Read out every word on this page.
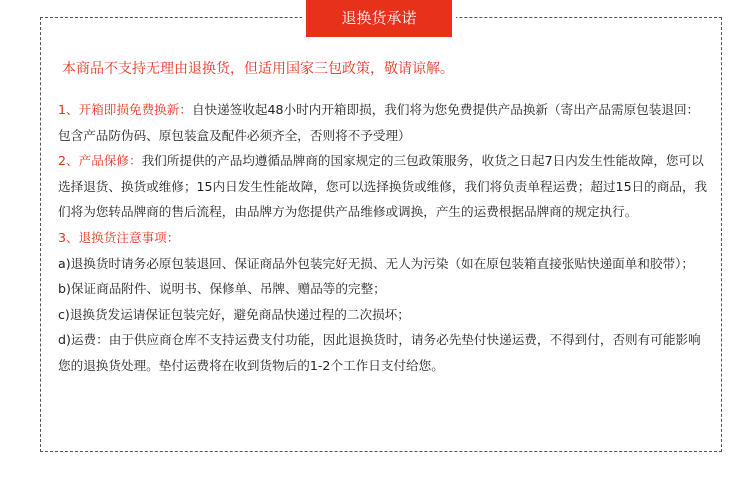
退换货承诺
本商品不支持无理由退换货，但适用国家三包政策，敬请谅解。

1、开箱即损免费换新：自快递签收起48小时内开箱即损，我们将为您免费提供产品换新（寄出产品需原包装退回：包含产品防伪码、原包装盒及配件必须齐全，否则将不予受理）

2、产品保修：我们所提供的产品均遵循品牌商的国家规定的三包政策服务，收货之日起7日内发生性能故障，您可以选择退货、换货或维修；15内日发生性能故障，您可以选择换货或维修，我们将负责单程运费；超过15日的商品，我们将为您转品牌商的售后流程，由品牌方为您提供产品维修或调换，产生的运费根据品牌商的规定执行。

3、退换货注意事项：

a)退换货时请务必原包装退回、保证商品外包装完好无损、无人为污染（如在原包装箱直接张贴快递面单和胶带）；

b)保证商品附件、说明书、保修单、吊牌、赠品等的完整；

c)退换货发运请保证包装完好，避免商品快递过程的二次损坏；

d)运费：由于供应商仓库不支持运费支付功能，因此退换货时，请务必先垫付快递运费，不得到付，否则有可能影响您的退换货处理。垫付运费将在收到货物后的1-2个工作日支付给您。
